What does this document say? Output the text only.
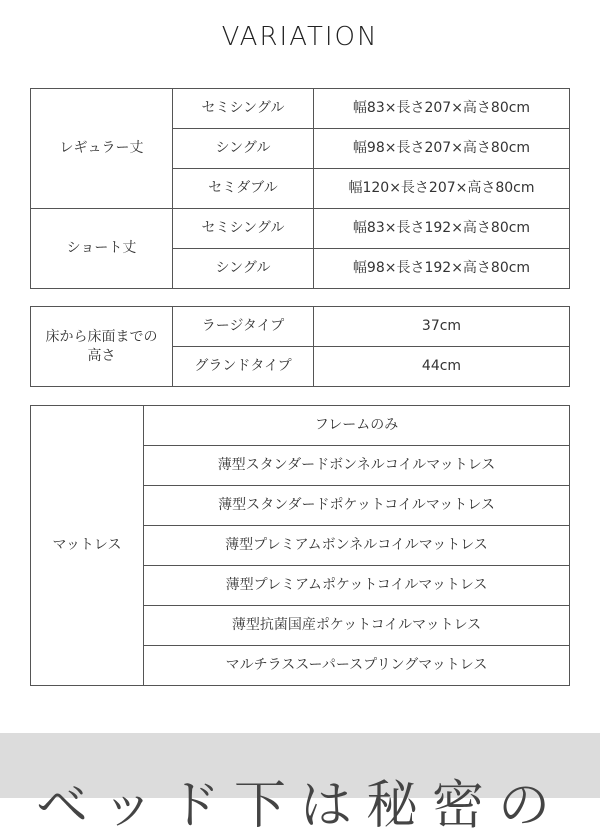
VARIATION
レギュラー丈	セミシングル	幅83×長さ207×高さ80cm
	シングル	幅98×長さ207×高さ80cm
	セミダブル	幅120×長さ207×高さ80cm
ショート丈	セミシングル	幅83×長さ192×高さ80cm
	シングル	幅98×長さ192×高さ80cm
床から床面までの
高さ	ラージタイプ	37cm
	グランドタイプ	44cm
マットレス	フレームのみ
薄型スタンダードボンネルコイルマットレス
薄型スタンダードポケットコイルマットレス
薄型プレミアムボンネルコイルマットレス
薄型プレミアムポケットコイルマットレス
薄型抗菌国産ポケットコイルマットレス
マルチラススーパースプリングマットレス
ベッド下は秘密の
